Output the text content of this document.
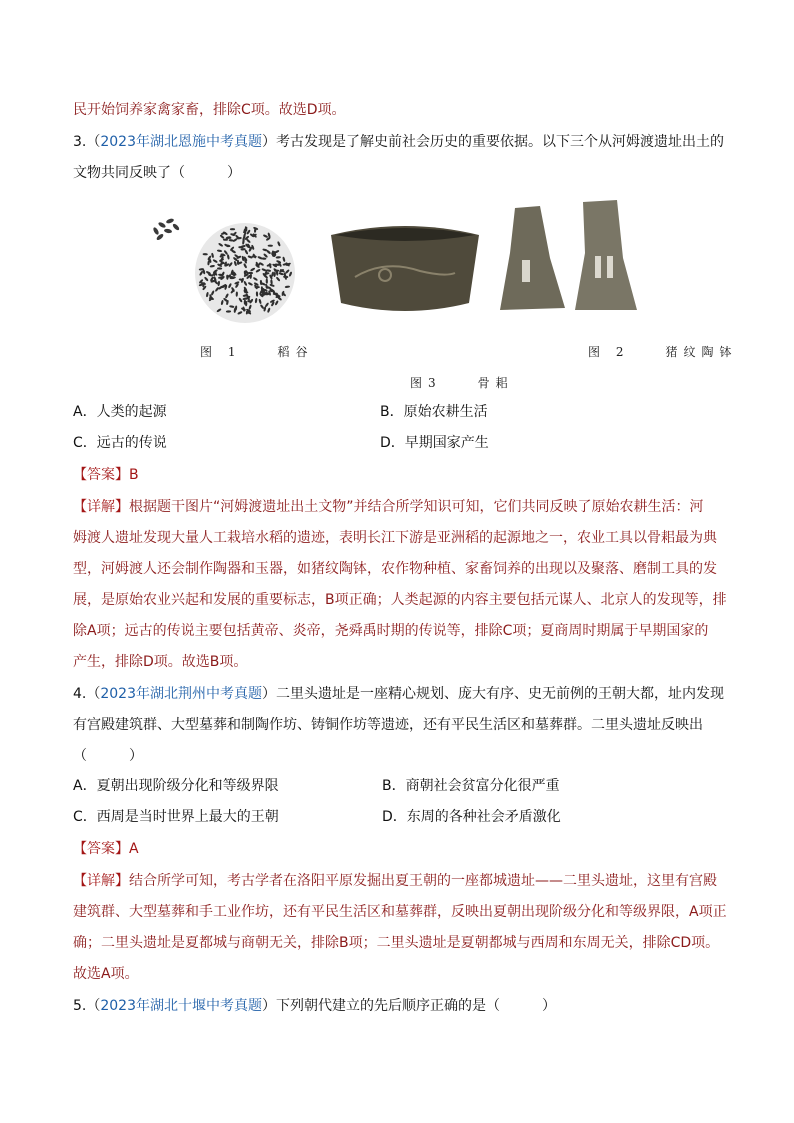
民开始饲养家禽家畜，排除C项。故选D项。
3.（2023年湖北恩施中考真题）考古发现是了解史前社会历史的重要依据。以下三个从河姆渡遗址出土的
文物共同反映了（　　　）
图 1　　稻谷	图 2　　猪纹陶钵
图3　　骨耜
A．人类的起源	B．原始农耕生活
C．远古的传说	D．早期国家产生
【答案】B
【详解】根据题干图片“河姆渡遗址出土文物”并结合所学知识可知，它们共同反映了原始农耕生活：河
姆渡人遗址发现大量人工栽培水稻的遗迹，表明长江下游是亚洲稻的起源地之一，农业工具以骨耜最为典
型，河姆渡人还会制作陶器和玉器，如猪纹陶钵，农作物种植、家畜饲养的出现以及聚落、磨制工具的发
展，是原始农业兴起和发展的重要标志，B项正确；人类起源的内容主要包括元谋人、北京人的发现等，排
除A项；远古的传说主要包括黄帝、炎帝，尧舜禹时期的传说等，排除C项；夏商周时期属于早期国家的
产生，排除D项。故选B项。
4.（2023年湖北荆州中考真题）二里头遗址是一座精心规划、庞大有序、史无前例的王朝大都，址内发现
有宫殿建筑群、大型墓葬和制陶作坊、铸铜作坊等遗迹，还有平民生活区和墓葬群。二里头遗址反映出
（　　　）
A．夏朝出现阶级分化和等级界限	B．商朝社会贫富分化很严重
C．西周是当时世界上最大的王朝	D．东周的各种社会矛盾激化
【答案】A
【详解】结合所学可知，考古学者在洛阳平原发掘出夏王朝的一座都城遗址——二里头遗址，这里有宫殿
建筑群、大型墓葬和手工业作坊，还有平民生活区和墓葬群，反映出夏朝出现阶级分化和等级界限，A项正
确；二里头遗址是夏都城与商朝无关，排除B项；二里头遗址是夏朝都城与西周和东周无关，排除CD项。
故选A项。
5.（2023年湖北十堰中考真题）下列朝代建立的先后顺序正确的是（　　　）
